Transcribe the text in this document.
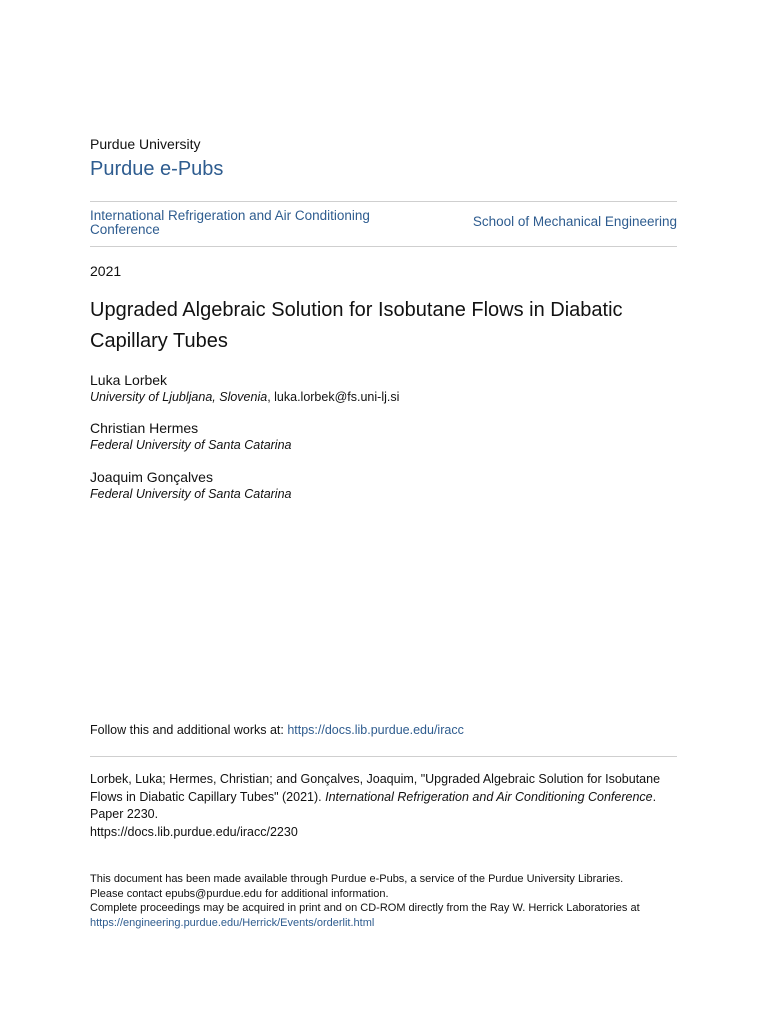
Purdue University
Purdue e-Pubs
International Refrigeration and Air Conditioning Conference
School of Mechanical Engineering
2021
Upgraded Algebraic Solution for Isobutane Flows in Diabatic Capillary Tubes
Luka Lorbek
University of Ljubljana, Slovenia, luka.lorbek@fs.uni-lj.si
Christian Hermes
Federal University of Santa Catarina
Joaquim Gonçalves
Federal University of Santa Catarina
Follow this and additional works at: https://docs.lib.purdue.edu/iracc
Lorbek, Luka; Hermes, Christian; and Gonçalves, Joaquim, "Upgraded Algebraic Solution for Isobutane Flows in Diabatic Capillary Tubes" (2021). International Refrigeration and Air Conditioning Conference.
Paper 2230.
https://docs.lib.purdue.edu/iracc/2230
This document has been made available through Purdue e-Pubs, a service of the Purdue University Libraries.
Please contact epubs@purdue.edu for additional information.
Complete proceedings may be acquired in print and on CD-ROM directly from the Ray W. Herrick Laboratories at
https://engineering.purdue.edu/Herrick/Events/orderlit.html
